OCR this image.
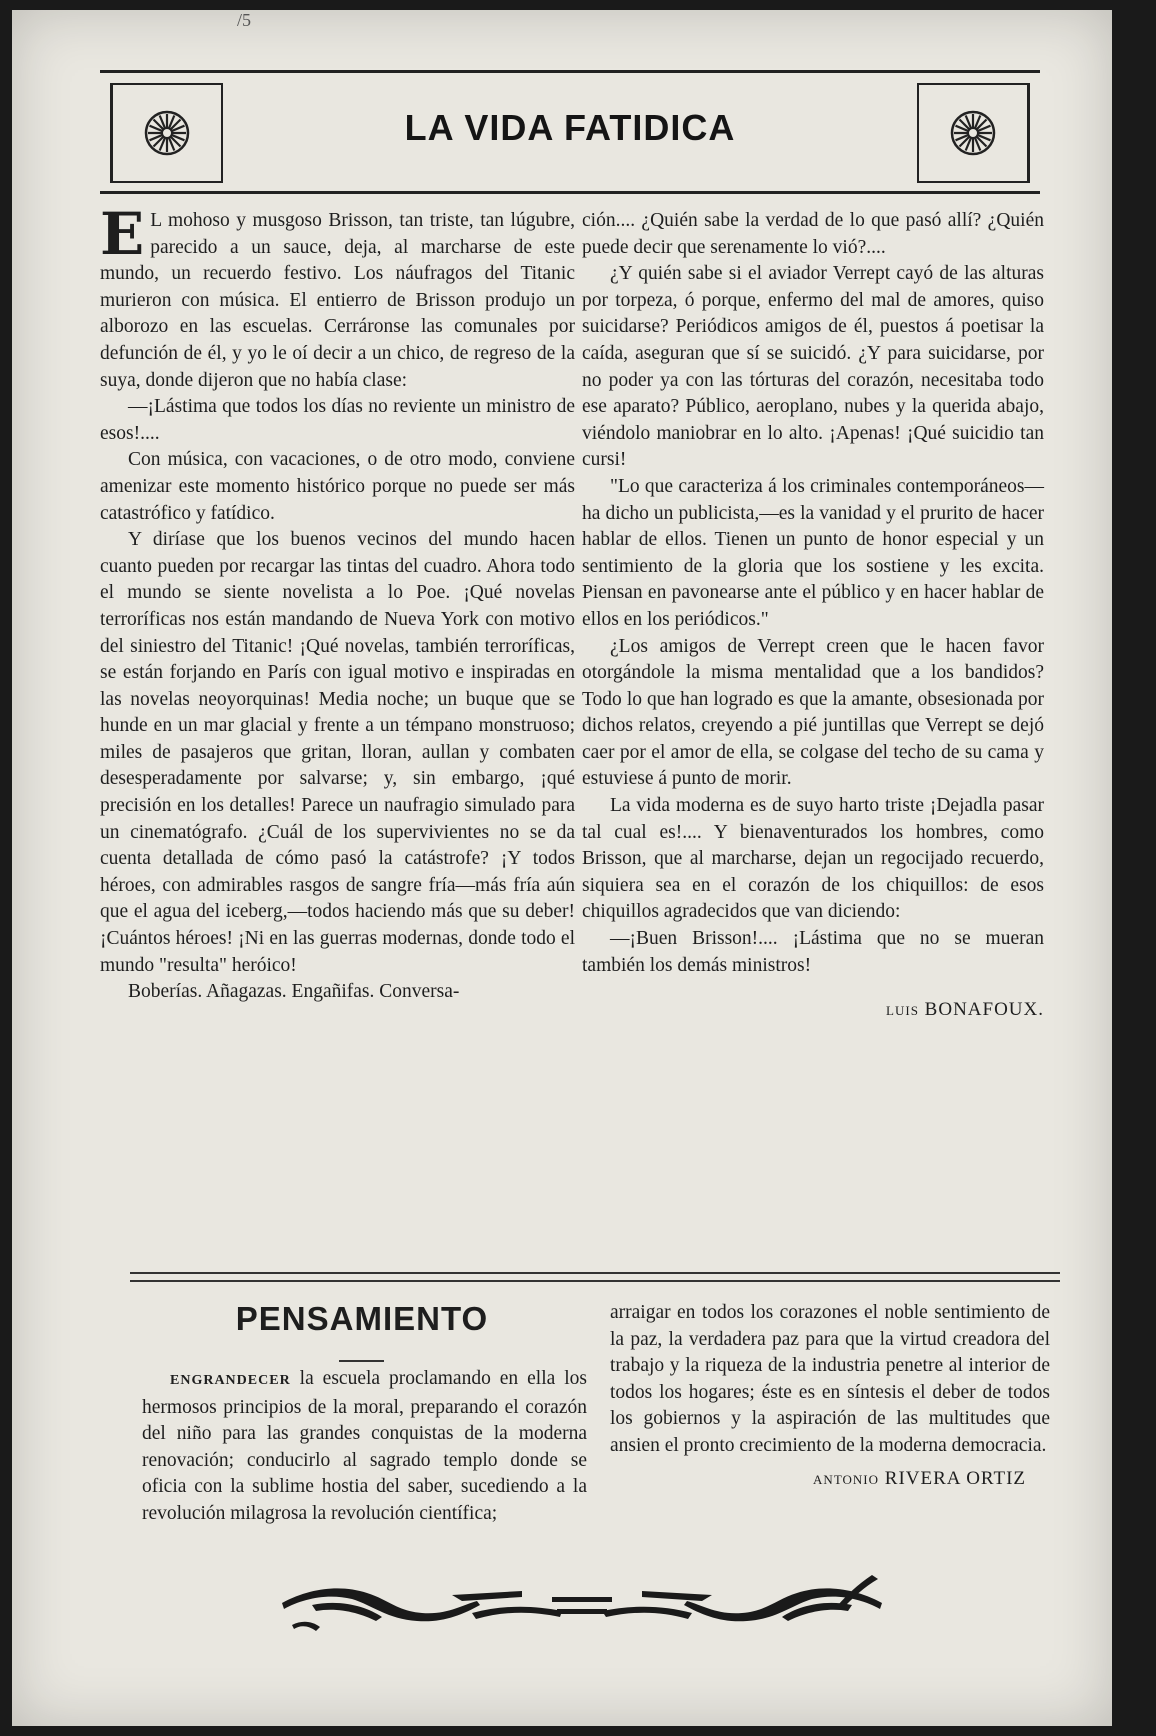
/5
LA VIDA FATIDICA

E L mohoso y musgoso Brisson, tan triste, tan lúgubre, parecido a un sauce, deja, al marcharse de este mundo, un recuerdo festivo. Los náufragos del Titanic murieron con música. El entierro de Brisson produjo un alborozo en las escuelas. Cerráronse las comunales por defunción de él, y yo le oí decir a un chico, de regreso de la suya, donde dijeron que no había clase:

—¡Lástima que todos los días no reviente un ministro de esos!....

Con música, con vacaciones, o de otro modo, conviene amenizar este momento histórico porque no puede ser más catastrófico y fatídico.

Y diríase que los buenos vecinos del mundo hacen cuanto pueden por recargar las tintas del cuadro. Ahora todo el mundo se siente novelista a lo Poe. ¡Qué novelas terroríficas nos están mandando de Nueva York con motivo del siniestro del Titanic! ¡Qué novelas, también terroríficas, se están forjando en París con igual motivo e inspiradas en las novelas neoyorquinas! Media noche; un buque que se hunde en un mar glacial y frente a un témpano monstruoso; miles de pasajeros que gritan, lloran, aullan y combaten desesperadamente por salvarse; y, sin embargo, ¡qué precisión en los detalles! Parece un naufragio simulado para un cinematógrafo. ¿Cuál de los supervivientes no se da cuenta detallada de cómo pasó la catástrofe? ¡Y todos héroes, con admirables rasgos de sangre fría—más fría aún que el agua del iceberg,—todos haciendo más que su deber! ¡Cuántos héroes! ¡Ni en las guerras modernas, donde todo el mundo "resulta" heróico!

Boberías. Añagazas. Engañifas. Conversa-

ción.... ¿Quién sabe la verdad de lo que pasó allí? ¿Quién puede decir que serenamente lo vió?....

¿Y quién sabe si el aviador Verrept cayó de las alturas por torpeza, ó porque, enfermo del mal de amores, quiso suicidarse? Periódicos amigos de él, puestos á poetisar la caída, aseguran que sí se suicidó. ¿Y para suicidarse, por no poder ya con las tórturas del corazón, necesitaba todo ese aparato? Público, aeroplano, nubes y la querida abajo, viéndolo maniobrar en lo alto. ¡Apenas! ¡Qué suicidio tan cursi!

"Lo que caracteriza á los criminales contemporáneos—ha dicho un publicista,—es la vanidad y el prurito de hacer hablar de ellos. Tienen un punto de honor especial y un sentimiento de la gloria que los sostiene y les excita. Piensan en pavonearse ante el público y en hacer hablar de ellos en los periódicos."

¿Los amigos de Verrept creen que le hacen favor otorgándole la misma mentalidad que a los bandidos? Todo lo que han logrado es que la amante, obsesionada por dichos relatos, creyendo a pié juntillas que Verrept se dejó caer por el amor de ella, se colgase del techo de su cama y estuviese á punto de morir.

La vida moderna es de suyo harto triste ¡Dejadla pasar tal cual es!.... Y bienaventurados los hombres, como Brisson, que al marcharse, dejan un regocijado recuerdo, siquiera sea en el corazón de los chiquillos: de esos chiquillos agradecidos que van diciendo:

—¡Buen Brisson!.... ¡Lástima que no se mueran también los demás ministros!

LUIS BONAFOUX.
PENSAMIENTO

ENGRANDECER la escuela proclamando en ella los hermosos principios de la moral, preparando el corazón del niño para las grandes conquistas de la moderna renovación; conducirlo al sagrado templo donde se oficia con la sublime hostia del saber, sucediendo a la revolución milagrosa la revolución científica;

arraigar en todos los corazones el noble sentimiento de la paz, la verdadera paz para que la virtud creadora del trabajo y la riqueza de la industria penetre al interior de todos los hogares; éste es en síntesis el deber de todos los gobiernos y la aspiración de las multitudes que ansien el pronto crecimiento de la moderna democracia.

ANTONIO RIVERA ORTIZ
